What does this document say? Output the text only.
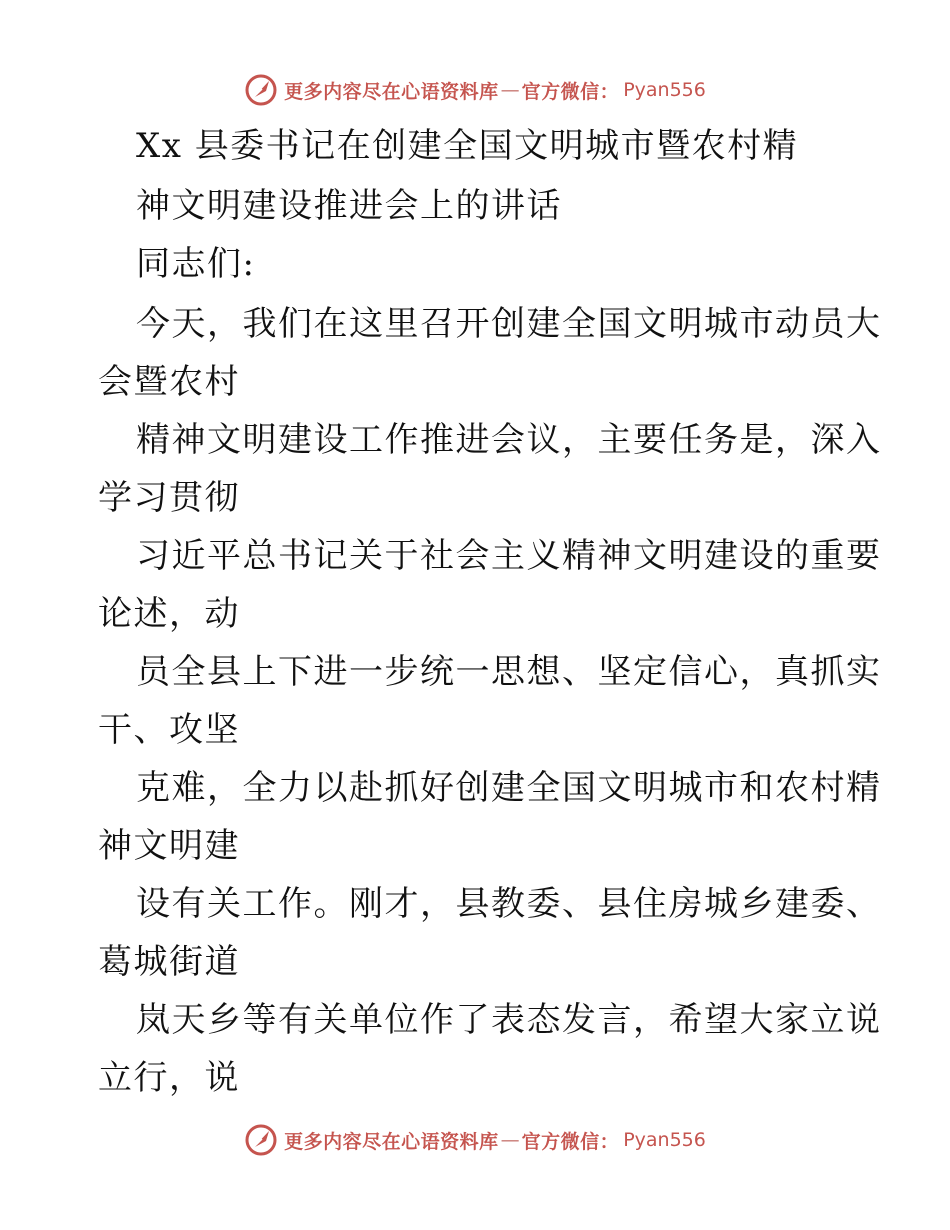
更多内容尽在心语资料库 — 官方微信： Pyan556
Xx 县委书记在创建全国文明城市暨农村精
神文明建设推进会上的讲话
同志们:
今天，我们在这里召开创建全国文明城市动员大
会暨农村
精神文明建设工作推进会议，主要任务是，深入
学习贯彻
习近平总书记关于社会主义精神文明建设的重要
论述，动
员全县上下进一步统一思想、坚定信心，真抓实
干、攻坚
克难，全力以赴抓好创建全国文明城市和农村精
神文明建
设有关工作。刚才，县教委、县住房城乡建委、
葛城街道
岚天乡等有关单位作了表态发言，希望大家立说
立行，说
更多内容尽在心语资料库 — 官方微信： Pyan556
